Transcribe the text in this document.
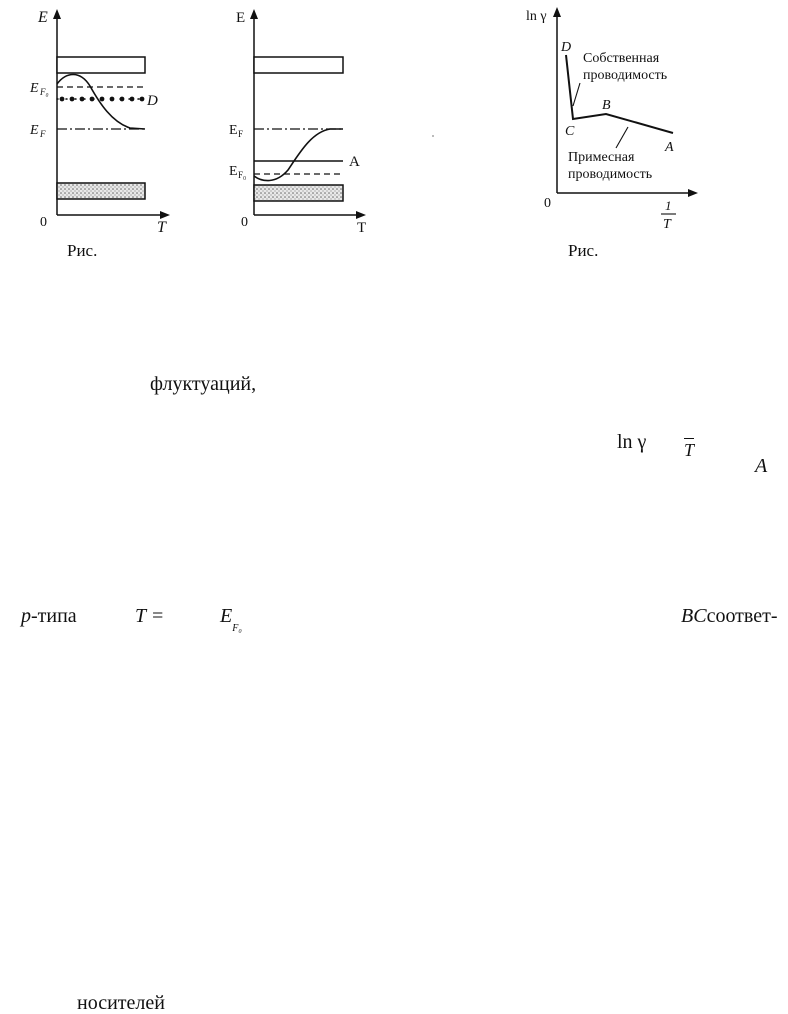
E
T
0
E F₀
E F
D
Рис.
E
T
0
E F
E F₀
A
ln γ
1
T
0
D
C
B
A
Собственная
проводимость
Примесная
проводимость
Рис.
флуктуаций,
ln γ T
A
p-типа	T =	$E_{F_0}$
BCсоответ-
носителей
